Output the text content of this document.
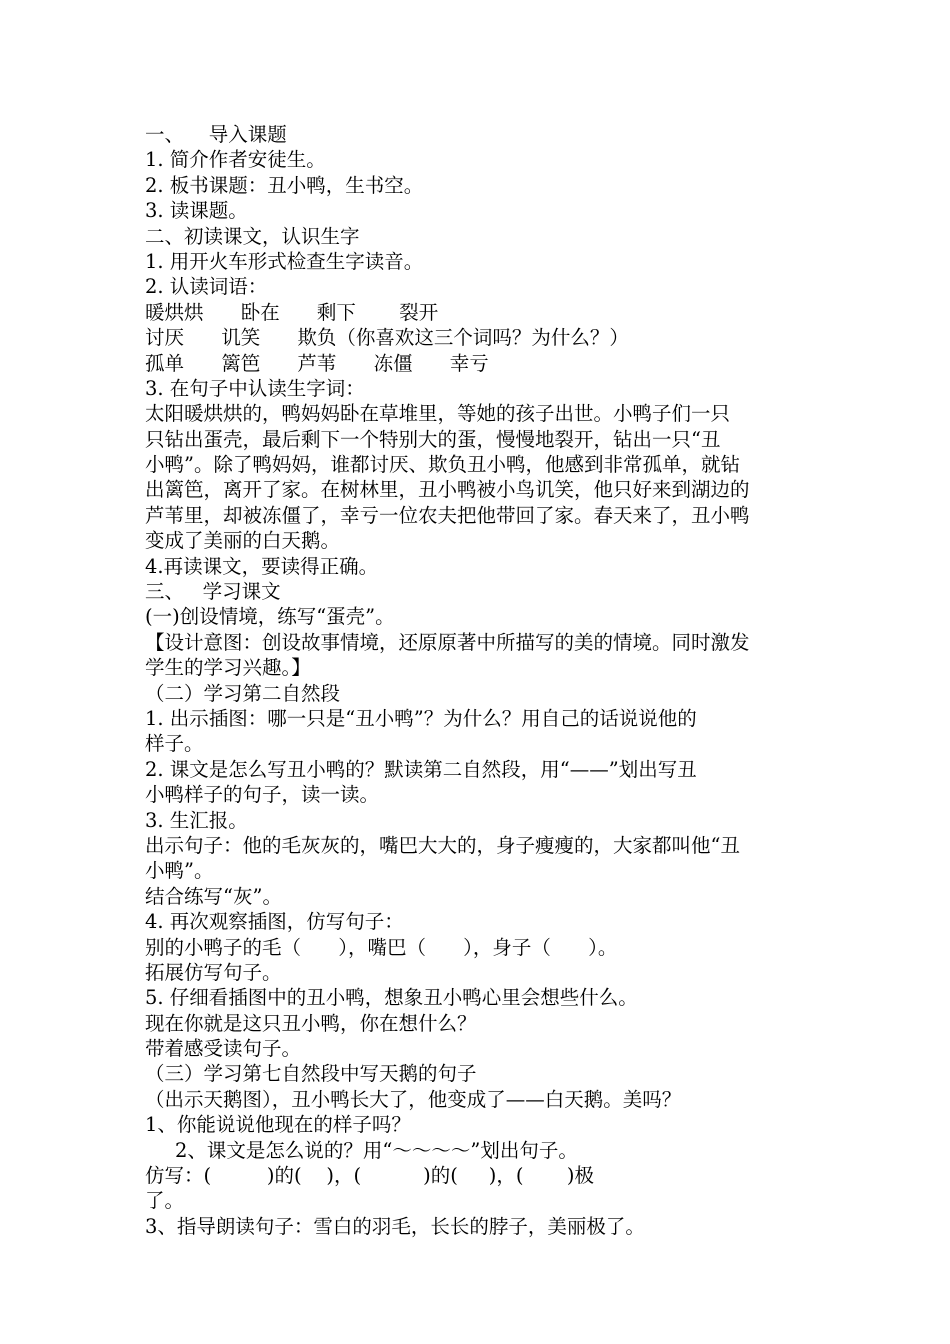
一、    导入课题
1. 简介作者安徒生。
2. 板书课题：丑小鸭，生书空。
3. 读课题。
二、初读课文，认识生字
1. 用开火车形式检查生字读音。
2. 认读词语：
暖烘烘      卧在      剩下       裂开
讨厌      讥笑      欺负（你喜欢这三个词吗？为什么？）
孤单      篱笆      芦苇      冻僵      幸亏
3. 在句子中认读生字词：
太阳暖烘烘的，鸭妈妈卧在草堆里，等她的孩子出世。小鸭子们一只
只钻出蛋壳，最后剩下一个特别大的蛋，慢慢地裂开，钻出一只“丑
小鸭”。除了鸭妈妈，谁都讨厌、欺负丑小鸭，他感到非常孤单，就钻
出篱笆，离开了家。在树林里，丑小鸭被小鸟讥笑，他只好来到湖边的
芦苇里，却被冻僵了，幸亏一位农夫把他带回了家。春天来了，丑小鸭
变成了美丽的白天鹅。
4.再读课文，要读得正确。
三、   学习课文
(一)创设情境，练写“蛋壳”。
【设计意图：创设故事情境，还原原著中所描写的美的情境。同时激发
学生的学习兴趣。】
（二）学习第二自然段
1. 出示插图：哪一只是“丑小鸭”？为什么？用自己的话说说他的
样子。
2. 课文是怎么写丑小鸭的？默读第二自然段，用“——”划出写丑
小鸭样子的句子，读一读。
3. 生汇报。
出示句子：他的毛灰灰的，嘴巴大大的，身子瘦瘦的，大家都叫他“丑
小鸭”。
结合练写“灰”。
4. 再次观察插图，仿写句子：
别的小鸭子的毛（      ），嘴巴（      ），身子（      ）。
拓展仿写句子。
5. 仔细看插图中的丑小鸭，想象丑小鸭心里会想些什么。
现在你就是这只丑小鸭，你在想什么？
带着感受读句子。
（三）学习第七自然段中写天鹅的句子
（出示天鹅图），丑小鸭长大了，他变成了——白天鹅。美吗？
1、你能说说他现在的样子吗？
2、课文是怎么说的？用“～～～～”划出句子。
仿写：(         )的(    )，(          )的(     )，(       )极
了。
3、指导朗读句子：雪白的羽毛，长长的脖子，美丽极了。
